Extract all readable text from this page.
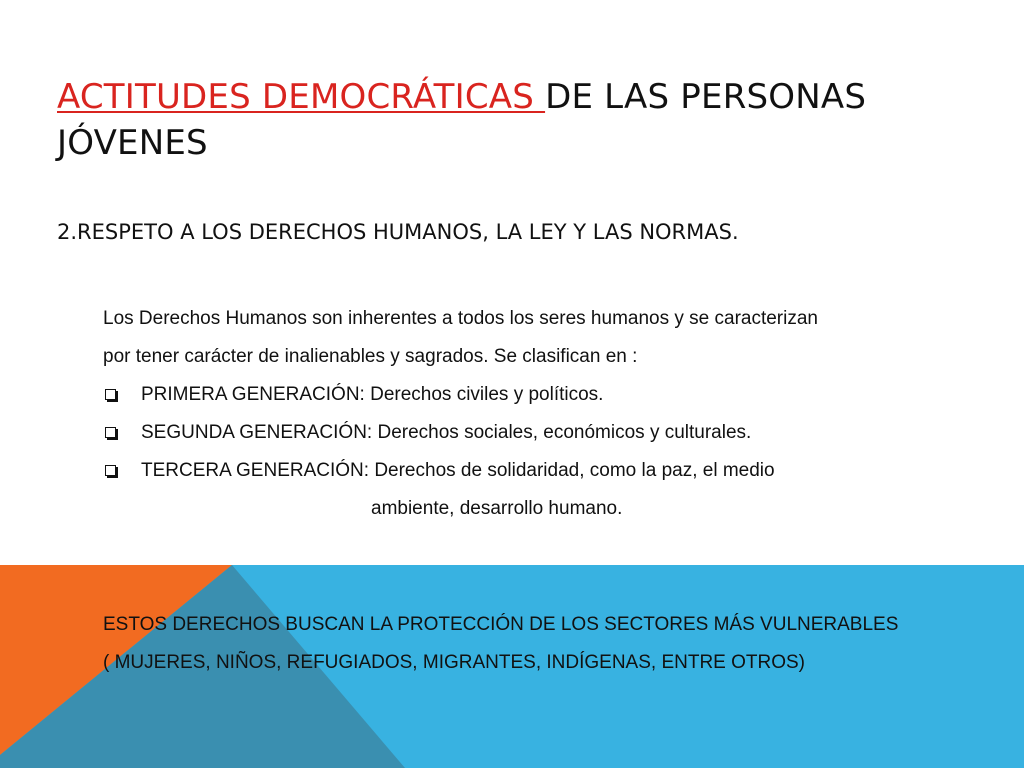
ACTITUDES DEMOCRÁTICAS DE LAS PERSONAS
JÓVENES
2.RESPETO A LOS DERECHOS HUMANOS, LA LEY Y LAS NORMAS.

Los Derechos Humanos son inherentes a todos los seres humanos y se caracterizan

por tener carácter de inalienables y sagrados. Se clasifican en :

PRIMERA GENERACIÓN: Derechos civiles y políticos.
SEGUNDA GENERACIÓN: Derechos sociales, económicos y culturales.
TERCERA GENERACIÓN: Derechos de solidaridad, como la paz, el medio
ambiente, desarrollo humano.

ESTOS DERECHOS BUSCAN LA PROTECCIÓN DE LOS SECTORES MÁS VULNERABLES

( MUJERES, NIÑOS, REFUGIADOS, MIGRANTES, INDÍGENAS, ENTRE OTROS)
